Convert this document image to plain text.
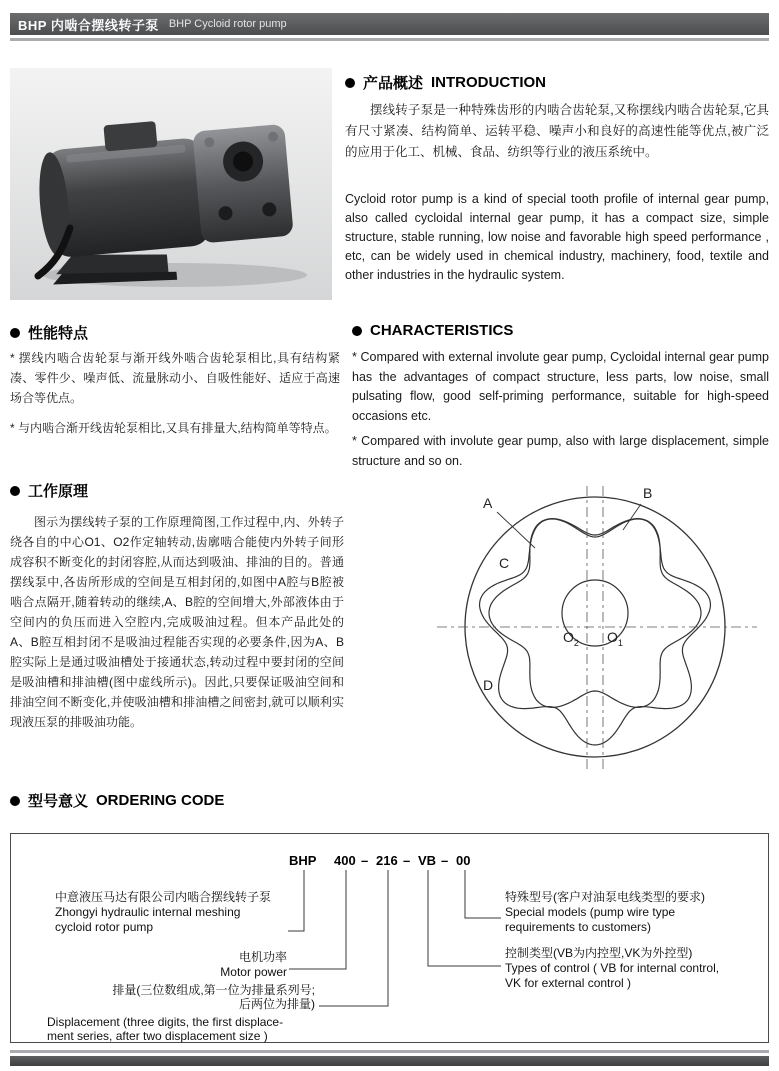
BHP 内啮合摆线转子泵 BHP Cycloid rotor pump
产品概述 INTRODUCTION

摆线转子泵是一种特殊齿形的内啮合齿轮泵,又称摆线内啮合齿轮泵,它具有尺寸紧凑、结构简单、运转平稳、噪声小和良好的高速性能等优点,被广泛的应用于化工、机械、食品、纺织等行业的液压系统中。

Cycloid rotor pump is a kind of special tooth profile of internal gear pump, also called cycloidal internal gear pump, it has a compact size, simple structure, stable running, low noise and favorable high speed performance , etc, can be widely used in chemical industry, machinery, food, textile and other industries in the hydraulic system.

性能特点

* 摆线内啮合齿轮泵与渐开线外啮合齿轮泵相比,具有结构紧凑、零件少、噪声低、流量脉动小、自吸性能好、适应于高速场合等优点。

* 与内啮合渐开线齿轮泵相比,又具有排量大,结构简单等特点。

CHARACTERISTICS

* Compared with external involute gear pump, Cycloidal internal gear pump has the advantages of compact structure, less parts, low noise, small pulsating flow, good self-priming performance, suitable for high-speed occasions etc.

* Compared with involute gear pump, also with large displacement, simple structure and so on.

工作原理

图示为摆线转子泵的工作原理简图,工作过程中,内、外转子绕各自的中心O1、O2作定轴转动,齿廓啮合能使内外转子间形成容积不断变化的封闭容腔,从而达到吸油、排油的目的。普通摆线泵中,各齿所形成的空间是互相封闭的,如图中A腔与B腔被啮合点隔开,随着转动的继续,A、B腔的空间增大,外部液体由于空间内的负压而进入空腔内,完成吸油过程。但本产品此处的A、B腔互相封闭不是吸油过程能否实现的必要条件,因为A、B腔实际上是通过吸油槽处于接通状态,转动过程中要封闭的空间是吸油槽和排油槽(图中虚线所示)。因此,只要保证吸油空间和排油空间不断变化,并使吸油槽和排油槽之间密封,就可以顺利实现液压泵的排吸油功能。

A
B
C
D
$O_2$ $O_1$
型号意义 ORDERING CODE
BHP 400 – 216 – VB – 00
中意液压马达有限公司内啮合摆线转子泵
Zhongyi hydraulic internal meshing
cycloid rotor pump
电机功率
Motor power
排量(三位数组成,第一位为排量系列号;
后两位为排量)
Displacement (three digits, the first displace-
ment series, after two displacement size )
特殊型号(客户对油泵电线类型的要求)
Special models (pump wire type
requirements to customers)
控制类型(VB为内控型,VK为外控型)
Types of control ( VB for internal control,
VK for external control )
